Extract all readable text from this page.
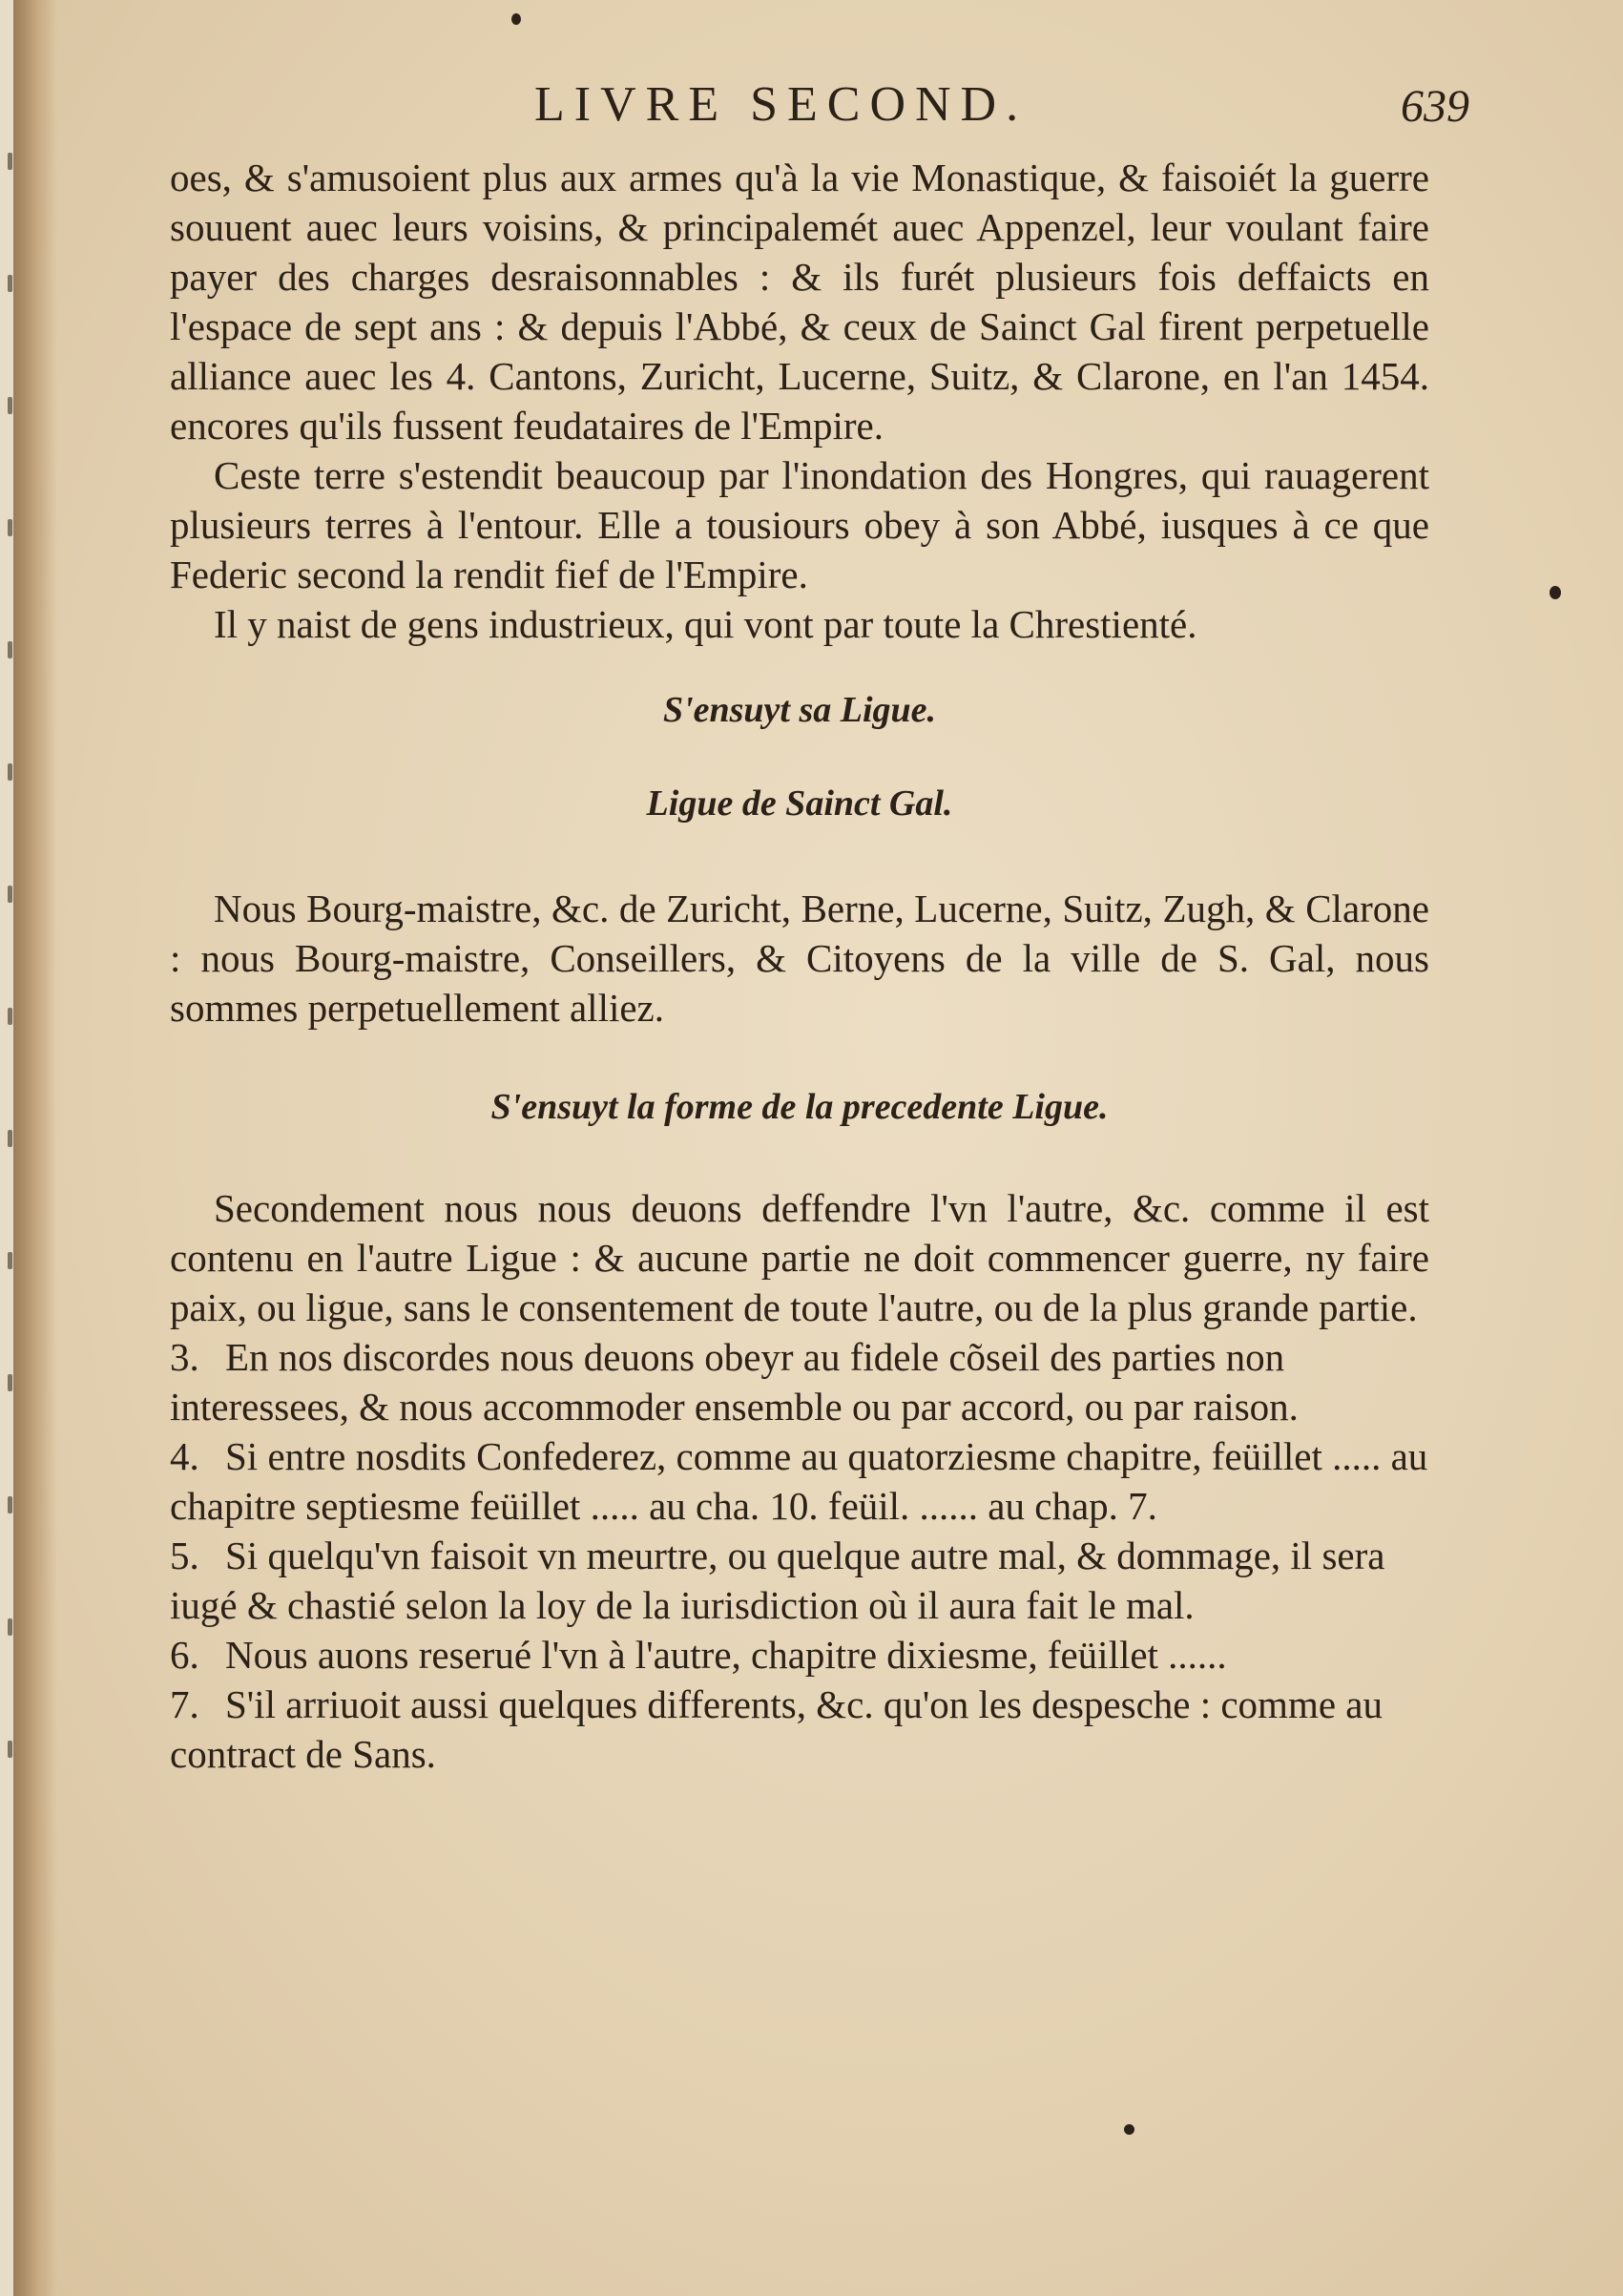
LIVRE SECOND.	639

oes, & s'amusoient plus aux armes qu'à la vie Monastique, & faisoiét la guerre souuent auec leurs voisins, & principalemét auec Appenzel, leur voulant faire payer des charges desraisonnables : & ils furét plusieurs fois deffaicts en l'espace de sept ans : & depuis l'Abbé, & ceux de Sainct Gal firent perpetuelle alliance auec les 4. Cantons, Zuricht, Lucerne, Suitz, & Clarone, en l'an 1454. encores qu'ils fussent feudataires de l'Empire.

Ceste terre s'estendit beaucoup par l'inondation des Hongres, qui rauagerent plusieurs terres à l'entour. Elle a tousiours obey à son Abbé, iusques à ce que Federic second la rendit fief de l'Empire.

Il y naist de gens industrieux, qui vont par toute la Chrestienté.

S'ensuyt sa Ligue.

Ligue de Sainct Gal.

Nous Bourg-maistre, &c. de Zuricht, Berne, Lucerne, Suitz, Zugh, & Clarone : nous Bourg-maistre, Conseillers, & Citoyens de la ville de S. Gal, nous sommes perpetuellement alliez.

S'ensuyt la forme de la precedente Ligue.

Secondement nous nous deuons deffendre l'vn l'autre, &c. comme il est contenu en l'autre Ligue : & aucune partie ne doit commencer guerre, ny faire paix, ou ligue, sans le consentement de toute l'autre, ou de la plus grande partie.

3. En nos discordes nous deuons obeyr au fidele cõseil des parties non interessees, & nous accommoder ensemble ou par accord, ou par raison.

4. Si entre nosdits Confederez, comme au quatorziesme chapitre, feüillet ..... au chapitre septiesme feüillet ..... au cha. 10. feüil. ...... au chap. 7.

5. Si quelqu'vn faisoit vn meurtre, ou quelque autre mal, & dommage, il sera iugé & chastié selon la loy de la iurisdiction où il aura fait le mal.

6. Nous auons reserué l'vn à l'autre, chapitre dixiesme, feüillet ......

7. S'il arriuoit aussi quelques differents, &c. qu'on les despesche : comme au contract de Sans.
